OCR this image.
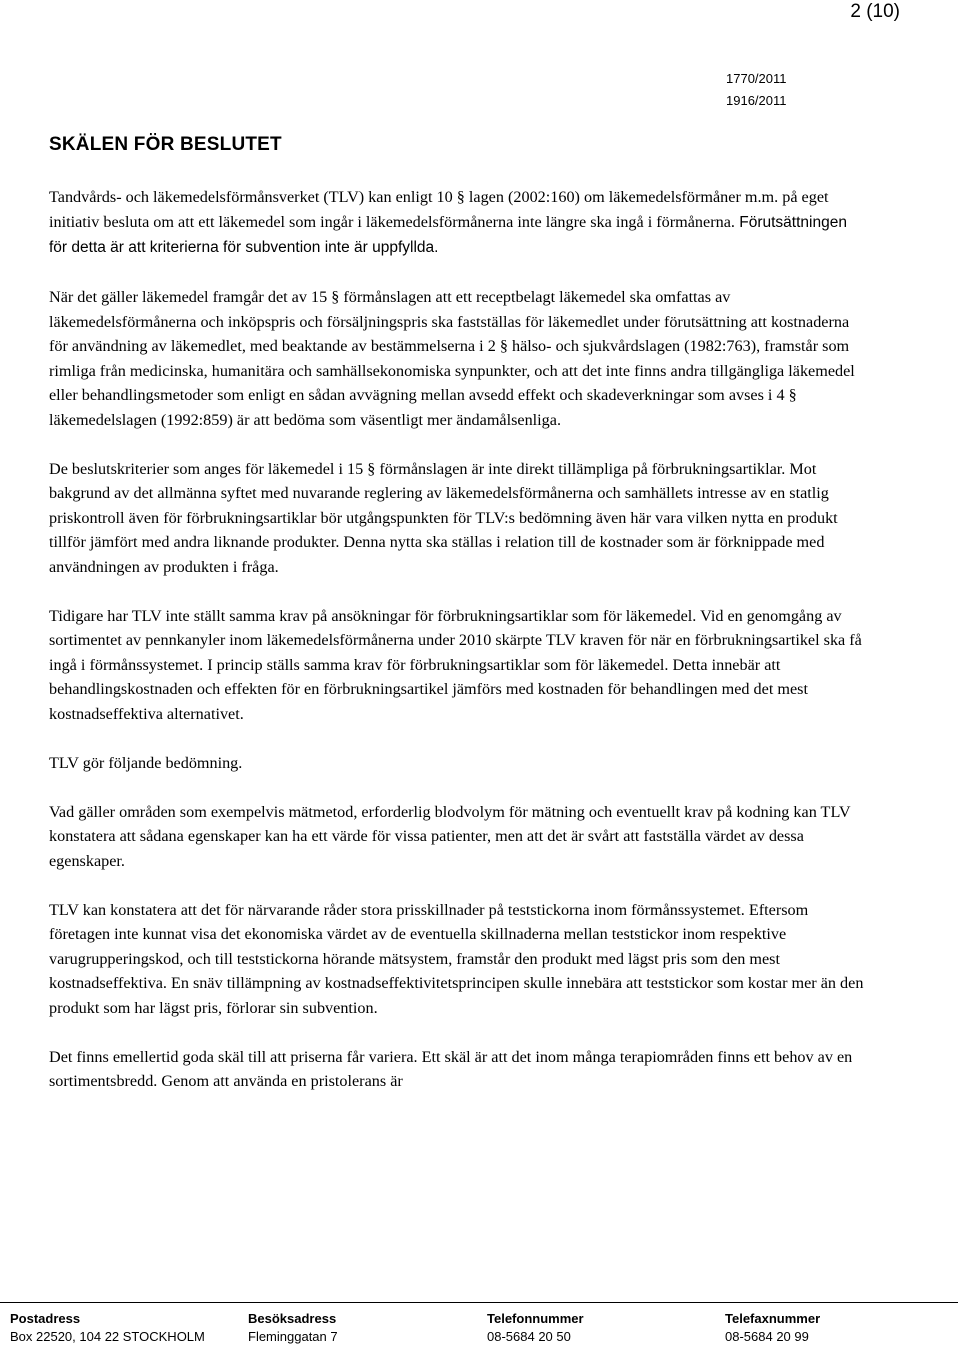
2 (10)
1770/2011
1916/2011
SKÄLEN FÖR BESLUTET

Tandvårds- och läkemedelsförmånsverket (TLV) kan enligt 10 § lagen (2002:160) om läkemedelsförmåner m.m. på eget initiativ besluta om att ett läkemedel som ingår i läkemedelsförmånerna inte längre ska ingå i förmånerna. Förutsättningen för detta är att kriterierna för subvention inte är uppfyllda.

När det gäller läkemedel framgår det av 15 § förmånslagen att ett receptbelagt läkemedel ska omfattas av läkemedelsförmånerna och inköpspris och försäljningspris ska fastställas för läkemedlet under förutsättning att kostnaderna för användning av läkemedlet, med beaktande av bestämmelserna i 2 § hälso- och sjukvårdslagen (1982:763), framstår som rimliga från medicinska, humanitära och samhällsekonomiska synpunkter, och att det inte finns andra tillgängliga läkemedel eller behandlingsmetoder som enligt en sådan avvägning mellan avsedd effekt och skadeverkningar som avses i 4 § läkemedelslagen (1992:859) är att bedöma som väsentligt mer ändamålsenliga.

De beslutskriterier som anges för läkemedel i 15 § förmånslagen är inte direkt tillämpliga på förbrukningsartiklar. Mot bakgrund av det allmänna syftet med nuvarande reglering av läkemedelsförmånerna och samhällets intresse av en statlig priskontroll även för förbrukningsartiklar bör utgångspunkten för TLV:s bedömning även här vara vilken nytta en produkt tillför jämfört med andra liknande produkter. Denna nytta ska ställas i relation till de kostnader som är förknippade med användningen av produkten i fråga.

Tidigare har TLV inte ställt samma krav på ansökningar för förbrukningsartiklar som för läkemedel. Vid en genomgång av sortimentet av pennkanyler inom läkemedelsförmånerna under 2010 skärpte TLV kraven för när en förbrukningsartikel ska få ingå i förmånssystemet. I princip ställs samma krav för förbrukningsartiklar som för läkemedel. Detta innebär att behandlingskostnaden och effekten för en förbrukningsartikel jämförs med kostnaden för behandlingen med det mest kostnadseffektiva alternativet.

TLV gör följande bedömning.

Vad gäller områden som exempelvis mätmetod, erforderlig blodvolym för mätning och eventuellt krav på kodning kan TLV konstatera att sådana egenskaper kan ha ett värde för vissa patienter, men att det är svårt att fastställa värdet av dessa egenskaper.

TLV kan konstatera att det för närvarande råder stora prisskillnader på teststickorna inom förmånssystemet. Eftersom företagen inte kunnat visa det ekonomiska värdet av de eventuella skillnaderna mellan teststickor inom respektive varugrupperingskod, och till teststickorna hörande mätsystem, framstår den produkt med lägst pris som den mest kostnadseffektiva. En snäv tillämpning av kostnadseffektivitetsprincipen skulle innebära att teststickor som kostar mer än den produkt som har lägst pris, förlorar sin subvention.

Det finns emellertid goda skäl till att priserna får variera. Ett skäl är att det inom många terapiområden finns ett behov av en sortimentsbredd. Genom att använda en pristolerans är

Postadress
Box 22520, 104 22 STOCKHOLM
Besöksadress
Fleminggatan 7
Telefonnummer
08-5684 20 50
Telefaxnummer
08-5684 20 99
